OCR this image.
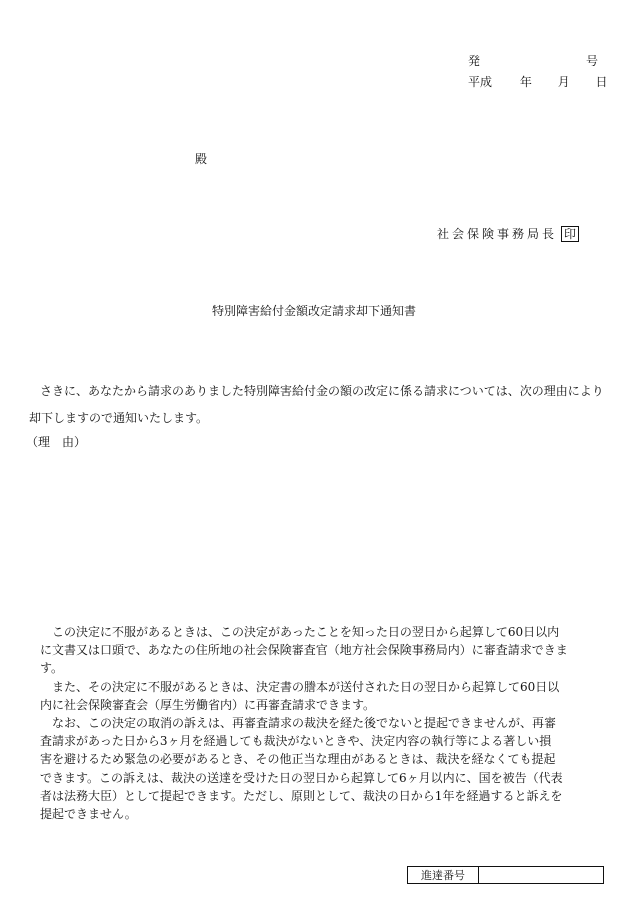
発	号
平成 年 月 日
殿
社会保険事務局長 印
特別障害給付金額改定請求却下通知書
さきに、あなたから請求のありました特別障害給付金の額の改定に係る請求については、次の理由により
却下しますので通知いたします。
（理　由）

この決定に不服があるときは、この決定があったことを知った日の翌日から起算して60日以内

に文書又は口頭で、あなたの住所地の社会保険審査官（地方社会保険事務局内）に審査請求できま

す。

また、その決定に不服があるときは、決定書の謄本が送付された日の翌日から起算して60日以

内に社会保険審査会（厚生労働省内）に再審査請求できます。

なお、この決定の取消の訴えは、再審査請求の裁決を経た後でないと提起できませんが、再審

査請求があった日から3ヶ月を経過しても裁決がないときや、決定内容の執行等による著しい損

害を避けるため緊急の必要があるとき、その他正当な理由があるときは、裁決を経なくても提起

できます。この訴えは、裁決の送達を受けた日の翌日から起算して6ヶ月以内に、国を被告（代表

者は法務大臣）として提起できます。ただし、原則として、裁決の日から1年を経過すると訴えを

提起できません。

進達番号	
